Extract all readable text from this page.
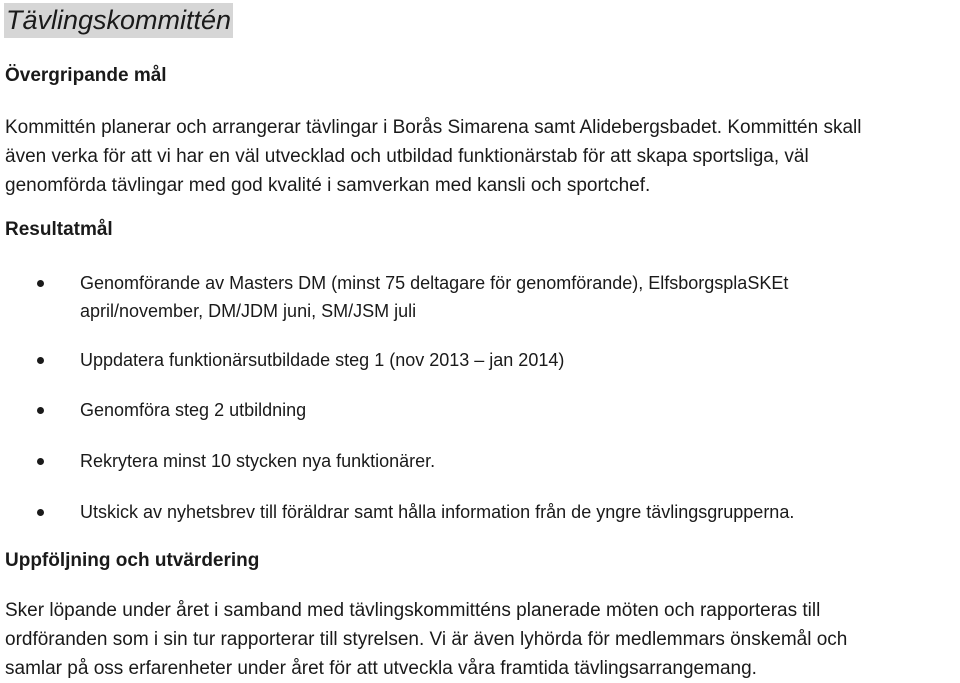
Tävlingskommittén
Övergripande mål
Kommittén planerar och arrangerar tävlingar i Borås Simarena samt Alidebergsbadet. Kommittén skall
även verka för att vi har en väl utvecklad och utbildad funktionärstab för att skapa sportsliga, väl
genomförda tävlingar med god kvalité i samverkan med kansli och sportchef.
Resultatmål
Genomförande av Masters DM (minst 75 deltagare för genomförande), ElfsborgsplaSKEt
april/november, DM/JDM juni, SM/JSM juli
Uppdatera funktionärsutbildade steg 1 (nov 2013 – jan 2014)
Genomföra steg 2 utbildning
Rekrytera minst 10 stycken nya funktionärer.
Utskick av nyhetsbrev till föräldrar samt hålla information från de yngre tävlingsgrupperna.
Uppföljning och utvärdering
Sker löpande under året i samband med tävlingskommitténs planerade möten och rapporteras till
ordföranden som i sin tur rapporterar till styrelsen. Vi är även lyhörda för medlemmars önskemål och
samlar på oss erfarenheter under året för att utveckla våra framtida tävlingsarrangemang.
